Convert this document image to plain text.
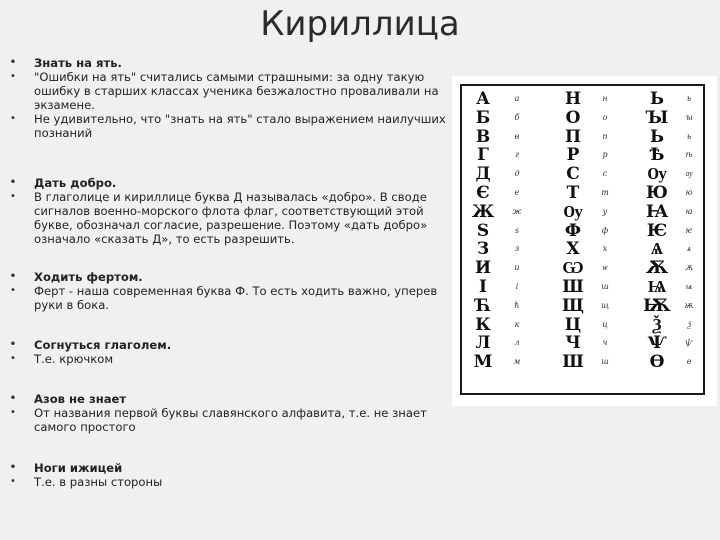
Кириллица
• Знать на ять.
• "Ошибки на ять" считались самыми страшными: за одну такую ошибку в старших классах ученика безжалостно проваливали на экзамене.
• Не удивительно, что "знать на ять" стало выражением наилучших познаний
• Дать добро.
• В глаголице и кириллице буква Д называлась «добро». В своде сигналов военно-морского флота флаг, соответствующий этой букве, обозначал согласие, разрешение. Поэтому «дать добро» означало «сказать Д», то есть разрешить.
• Ходить фертом.
• Ферт - наша современная буква Ф. То есть ходить важно, уперев руки в бока.
• Согнуться глаголем.
• Т.е. крючком
• Азов не знает
• От названия первой буквы славянского алфавита, т.е. не знает самого простого
• Ноги ижицей
• Т.е. в разны стороны
А
Б
В
Г
Д
Є
Ж
Ѕ
З
И
І
Ћ
К
Л
М
а
б
в
г
д
е
ж
ѕ
з
и
і
ћ
к
л
м
Н
О
П
Р
С
Т
Ѹ
Ф
Х
Ѡ
Ш
Щ
Ц
Ч
Ш
н
о
п
р
с
т
у
ф
х
ѡ
ш
щ
ц
ч
ш
Ь
Ꙑ
Ь
Ѣ
Ѹ
Ю
Ꙗ
Ѥ
Ѧ
Ѫ
Ѩ
Ѭ
Ѯ
Ѱ
Ѳ
ь
ꙑ
ь
ѣ
ѹ
ю
ꙗ
ѥ
ѧ
ѫ
ѩ
ѭ
ѯ
ѱ
ѳ
